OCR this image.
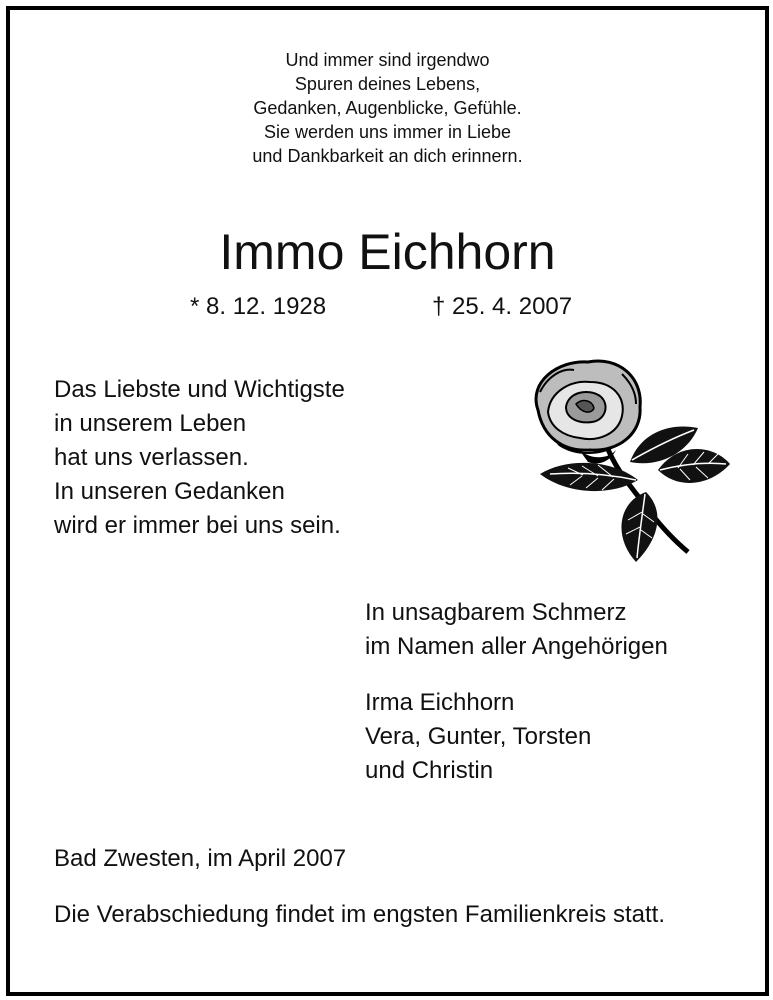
Und immer sind irgendwo
Spuren deines Lebens,
Gedanken, Augenblicke, Gefühle.
Sie werden uns immer in Liebe
und Dankbarkeit an dich erinnern.
Immo Eichhorn
* 8. 12. 1928	† 25. 4. 2007
Das Liebste und Wichtigste
in unserem Leben
hat uns verlassen.
In unseren Gedanken
wird er immer bei uns sein.
In unsagbarem Schmerz
im Namen aller Angehörigen
Irma Eichhorn
Vera, Gunter, Torsten
und Christin
Bad Zwesten, im April 2007
Die Verabschiedung findet im engsten Familienkreis statt.
